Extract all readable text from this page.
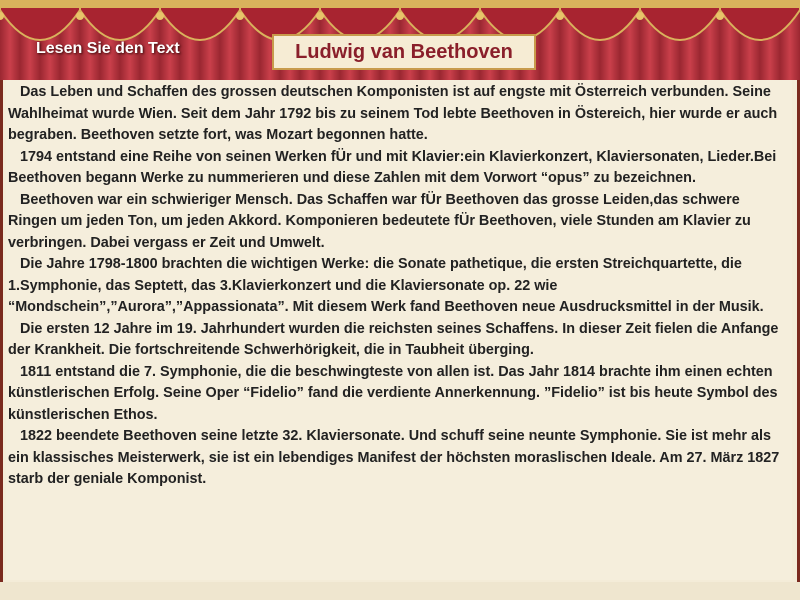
Lesen Sie den Text	Ludwig van Beethoven

Das Leben und Schaffen des grossen deutschen Komponisten ist auf engste mit Österreich verbunden. Seine Wahlheimat wurde Wien. Seit dem Jahr 1792 bis zu seinem Tod lebte Beethoven in Östereich, hier wurde er auch begraben. Beethoven setzte fort, was Mozart begonnen hatte.

1794 entstand eine Reihe von seinen Werken fÜr und mit Klavier:ein Klavierkonzert, Klaviersonaten, Lieder.Bei Beethoven begann Werke zu nummerieren und diese Zahlen mit dem Vorwort “opus” zu bezeichnen.

Beethoven war ein schwieriger Mensch. Das Schaffen war fÜr Beethoven das grosse Leiden,das schwere Ringen um jeden Ton, um jeden Akkord. Komponieren bedeutete fÜr Beethoven, viele Stunden am Klavier zu verbringen. Dabei vergass er Zeit und Umwelt.

Die Jahre 1798-1800 brachten die wichtigen Werke: die Sonate pathetique, die ersten Streichquartette, die 1.Symphonie, das Septett, das 3.Klavierkonzert und die Klaviersonate op. 22 wie “Mondschein”,”Aurora”,”Appassionata”. Mit diesem Werk fand Beethoven neue Ausdrucksmittel in der Musik.

Die ersten 12 Jahre im 19. Jahrhundert wurden die reichsten seines Schaffens. In dieser Zeit fielen die Anfange der Krankheit. Die fortschreitende Schwerhörigkeit, die in Taubheit überging.

1811 entstand die 7. Symphonie, die die beschwingteste von allen ist. Das Jahr 1814 brachte ihm einen echten künstlerischen Erfolg. Seine Oper “Fidelio” fand die verdiente Annerkennung. ”Fidelio” ist bis heute Symbol des künstlerischen Ethos.

1822 beendete Beethoven seine letzte 32. Klaviersonate. Und schuff seine neunte Symphonie. Sie ist mehr als ein klassisches Meisterwerk, sie ist ein lebendiges Manifest der höchsten moraslischen Ideale. Am 27. März 1827 starb der geniale Komponist.
